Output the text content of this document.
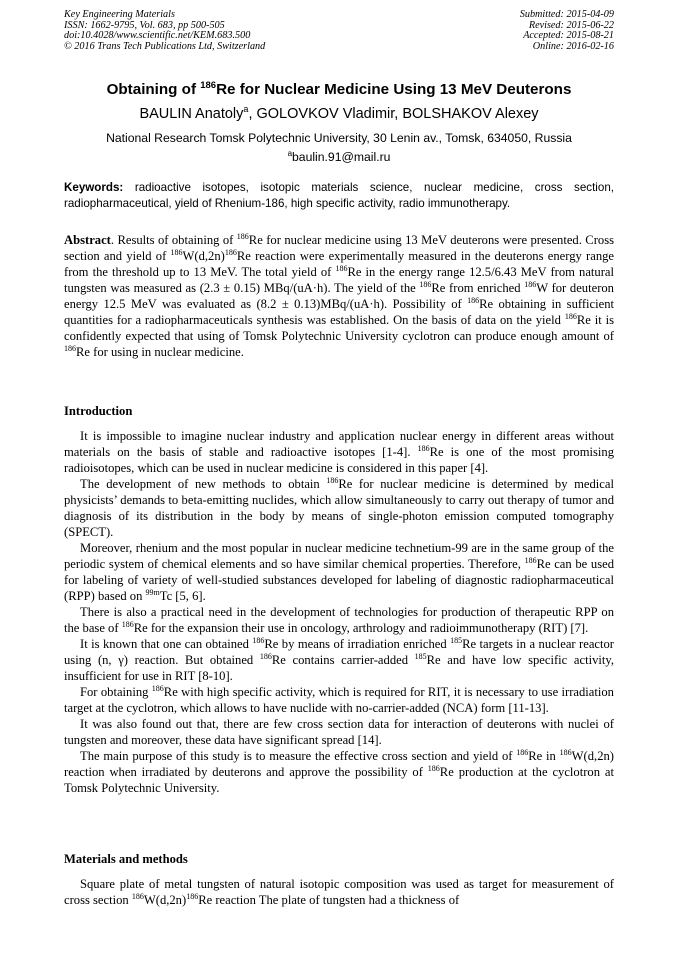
Key Engineering Materials
ISSN: 1662-9795, Vol. 683, pp 500-505
doi:10.4028/www.scientific.net/KEM.683.500
© 2016 Trans Tech Publications Ltd, Switzerland
Submitted: 2015-04-09
Revised: 2015-06-22
Accepted: 2015-08-21
Online: 2016-02-16
Obtaining of $^{186}$Re for Nuclear Medicine Using 13 MeV Deuterons
BAULIN Anatoly$^a$, GOLOVKOV Vladimir, BOLSHAKOV Alexey
National Research Tomsk Polytechnic University, 30 Lenin av., Tomsk, 634050, Russia
$^a$baulin.91@mail.ru
Keywords: radioactive isotopes, isotopic materials science, nuclear medicine, cross section, radiopharmaceutical, yield of Rhenium-186, high specific activity, radio immunotherapy.

Abstract. Results of obtaining of $^{186}$Re for nuclear medicine using 13 MeV deuterons were presented. Cross section and yield of $^{186}W(d,2n)^{186}Re$ reaction were experimentally measured in the deuterons energy range from the threshold up to 13 MeV. The total yield of $^{186}$Re in the energy range 12.5/6.43 MeV from natural tungsten was measured as (2.3 ± 0.15) MBq/(uA·h). The yield of the $^{186}$Re from enriched $^{186}$W for deuteron energy 12.5 MeV was evaluated as (8.2 ± 0.13)MBq/(uA·h). Possibility of $^{186}$Re obtaining in sufficient quantities for a radiopharmaceuticals synthesis was established. On the basis of data on the yield $^{186}$Re it is confidently expected that using of Tomsk Polytechnic University cyclotron can produce enough amount of $^{186}$Re for using in nuclear medicine.

Introduction

It is impossible to imagine nuclear industry and application nuclear energy in different areas without materials on the basis of stable and radioactive isotopes [1-4]. $^{186}$Re is one of the most promising radioisotopes, which can be used in nuclear medicine is considered in this paper [4].

The development of new methods to obtain $^{186}$Re for nuclear medicine is determined by medical physicists’ demands to beta-emitting nuclides, which allow simultaneously to carry out therapy of tumor and diagnosis of its distribution in the body by means of single-photon emission computed tomography (SPECT).

Moreover, rhenium and the most popular in nuclear medicine technetium-99 are in the same group of the periodic system of chemical elements and so have similar chemical properties. Therefore, $^{186}$Re can be used for labeling of variety of well-studied substances developed for labeling of diagnostic radiopharmaceutical (RPP) based on $^{99m}$Tc [5, 6].

There is also a practical need in the development of technologies for production of therapeutic RPP on the base of $^{186}$Re for the expansion their use in oncology, arthrology and radioimmunotherapy (RIT) [7].

It is known that one can obtained $^{186}$Re by means of irradiation enriched $^{185}$Re targets in a nuclear reactor using (n, γ) reaction. But obtained $^{186}$Re contains carrier-added $^{185}$Re and have low specific activity, insufficient for use in RIT [8-10].

For obtaining $^{186}$Re with high specific activity, which is required for RIT, it is necessary to use irradiation target at the cyclotron, which allows to have nuclide with no-carrier-added (NCA) form [11-13].

It was also found out that, there are few cross section data for interaction of deuterons with nuclei of tungsten and moreover, these data have significant spread [14].

The main purpose of this study is to measure the effective cross section and yield of $^{186}$Re in $^{186}$W(d,2n) reaction when irradiated by deuterons and approve the possibility of $^{186}$Re production at the cyclotron at Tomsk Polytechnic University.

Materials and methods

Square plate of metal tungsten of natural isotopic composition was used as target for measurement of cross section $^{186}W(d,2n)^{186}Re$ reaction The plate of tungsten had a thickness of
